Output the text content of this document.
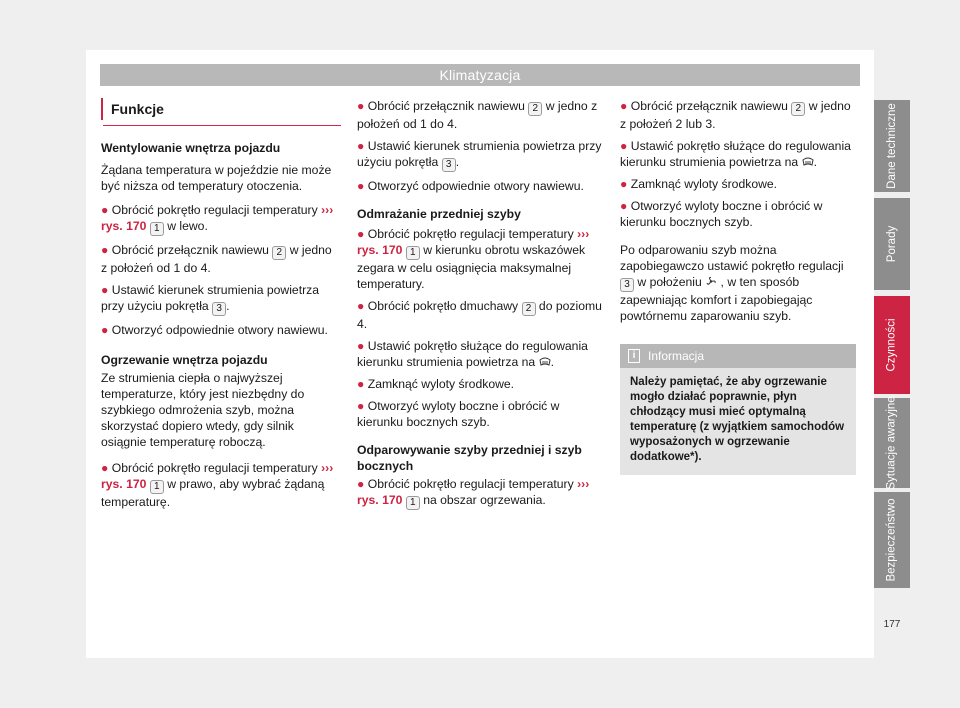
Klimatyzacja
Dane techniczne
Porady
Czynności
Sytuacje awaryjne
Bezpieczeństwo
177
Funkcje
Wentylowanie wnętrza pojazdu
Żądana temperatura w pojeździe nie może być niższa od temperatury otoczenia.
● Obrócić pokrętło regulacji temperatury ››› rys. 170 1 w lewo.
● Obrócić przełącznik nawiewu 2 w jedno z położeń od 1 do 4.
● Ustawić kierunek strumienia powietrza przy użyciu pokrętła 3 .
● Otworzyć odpowiednie otwory nawiewu.
Ogrzewanie wnętrza pojazdu
Ze strumienia ciepła o najwyższej temperaturze, który jest niezbędny do szybkiego odmrożenia szyb, można skorzystać dopiero wtedy, gdy silnik osiągnie temperaturę roboczą.
● Obrócić pokrętło regulacji temperatury ››› rys. 170 1 w prawo, aby wybrać żądaną temperaturę.
● Obrócić przełącznik nawiewu 2 w jedno z położeń od 1 do 4.
● Ustawić kierunek strumienia powietrza przy użyciu pokrętła 3 .
● Otworzyć odpowiednie otwory nawiewu.
Odmrażanie przedniej szyby
● Obrócić pokrętło regulacji temperatury ››› rys. 170 1 w kierunku obrotu wskazówek zegara w celu osiągnięcia maksymalnej temperatury.
● Obrócić pokrętło dmuchawy 2 do poziomu 4.
● Ustawić pokrętło służące do regulowania kierunku strumienia powietrza na .
● Zamknąć wyloty środkowe.
● Otworzyć wyloty boczne i obrócić w kierunku bocznych szyb.
Odparowywanie szyby przedniej i szyb bocznych
● Obrócić pokrętło regulacji temperatury ››› rys. 170 1 na obszar ogrzewania.
● Obrócić przełącznik nawiewu 2 w jedno z położeń 2 lub 3.
● Ustawić pokrętło służące do regulowania kierunku strumienia powietrza na .
● Zamknąć wyloty środkowe.
● Otworzyć wyloty boczne i obrócić w kierunku bocznych szyb.
Po odparowaniu szyb można zapobiegawczo ustawić pokrętło regulacji 3 w położeniu , w ten sposób zapewniając komfort i zapobiegając powtórnemu zaparowaniu szyb.
i	Informacja
Należy pamiętać, że aby ogrzewanie mogło działać poprawnie, płyn chłodzący musi mieć optymalną temperaturę (z wyjątkiem samochodów wyposażonych w ogrzewanie dodatkowe*).
